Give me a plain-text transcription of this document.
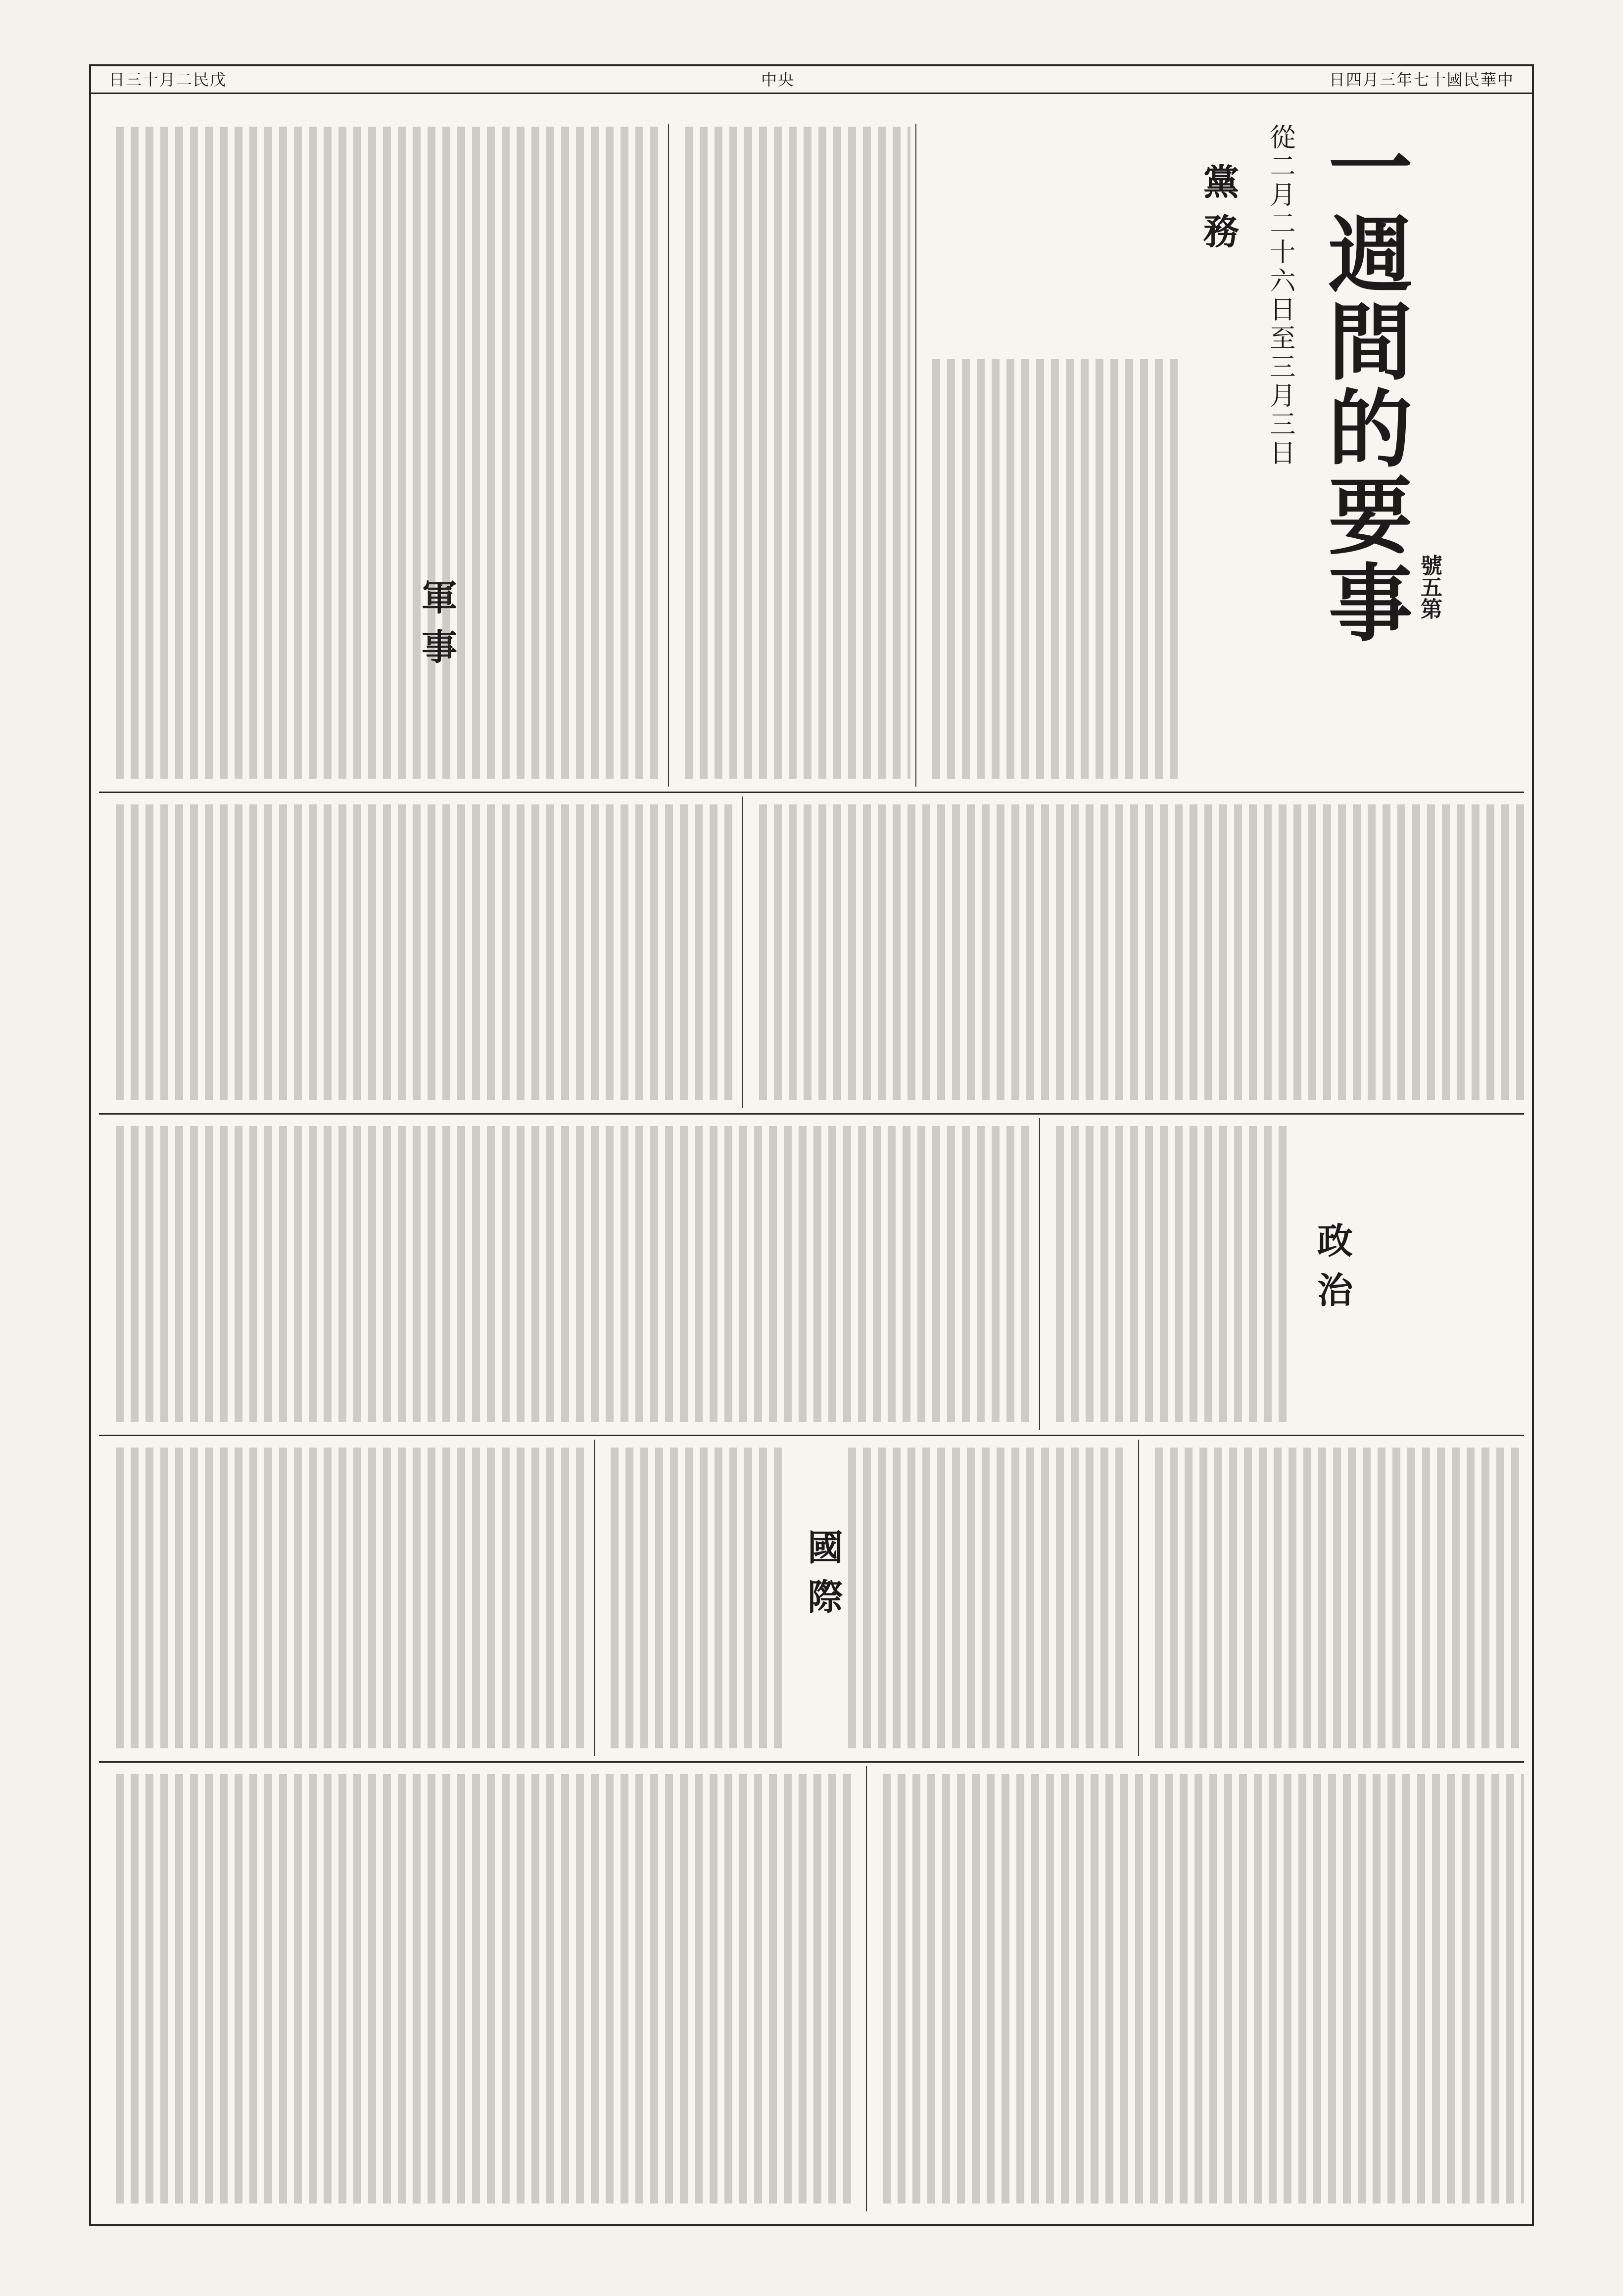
日三十月二民戊	中央	日四月三年七十國民華中
一週間的要事 號五第
從二月二十六日至三月三日
黨務
軍事
政治
國際
